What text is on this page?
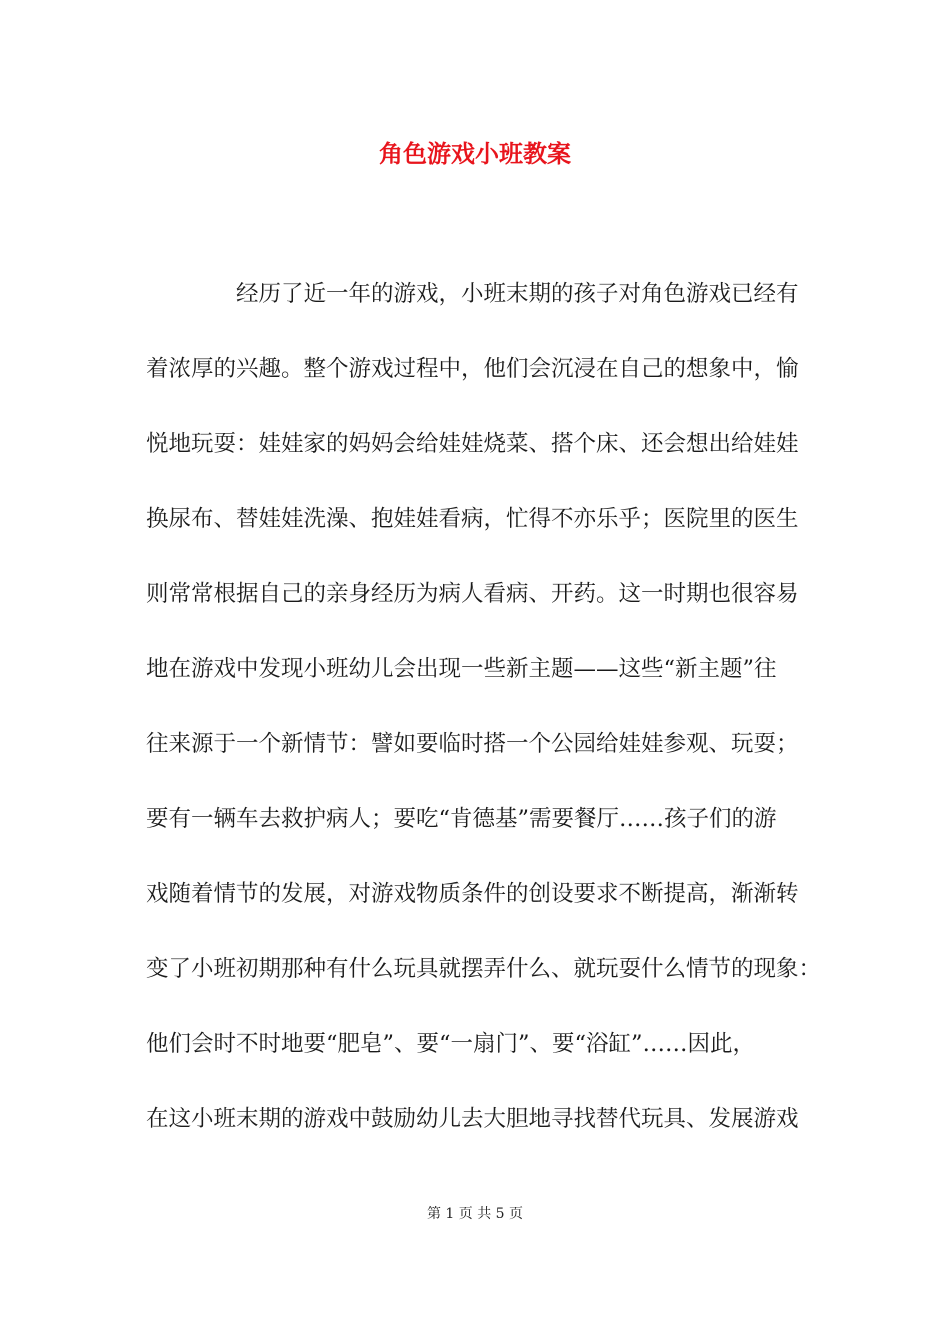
角色游戏小班教案
经历了近一年的游戏，小班末期的孩子对角色游戏已经有
着浓厚的兴趣。整个游戏过程中，他们会沉浸在自己的想象中，愉
悦地玩耍：娃娃家的妈妈会给娃娃烧菜、搭个床、还会想出给娃娃
换尿布、替娃娃洗澡、抱娃娃看病，忙得不亦乐乎；医院里的医生
则常常根据自己的亲身经历为病人看病、开药。这一时期也很容易
地在游戏中发现小班幼儿会出现一些新主题——这些“新主题”往
往来源于一个新情节：譬如要临时搭一个公园给娃娃参观、玩耍；
要有一辆车去救护病人；要吃“肯德基”需要餐厅……孩子们的游
戏随着情节的发展，对游戏物质条件的创设要求不断提高，渐渐转
变了小班初期那种有什么玩具就摆弄什么、就玩耍什么情节的现象：
他们会时不时地要“肥皂”、要“一扇门”、要“浴缸”……因此，
在这小班末期的游戏中鼓励幼儿去大胆地寻找替代玩具、发展游戏
第 1 页 共 5 页
